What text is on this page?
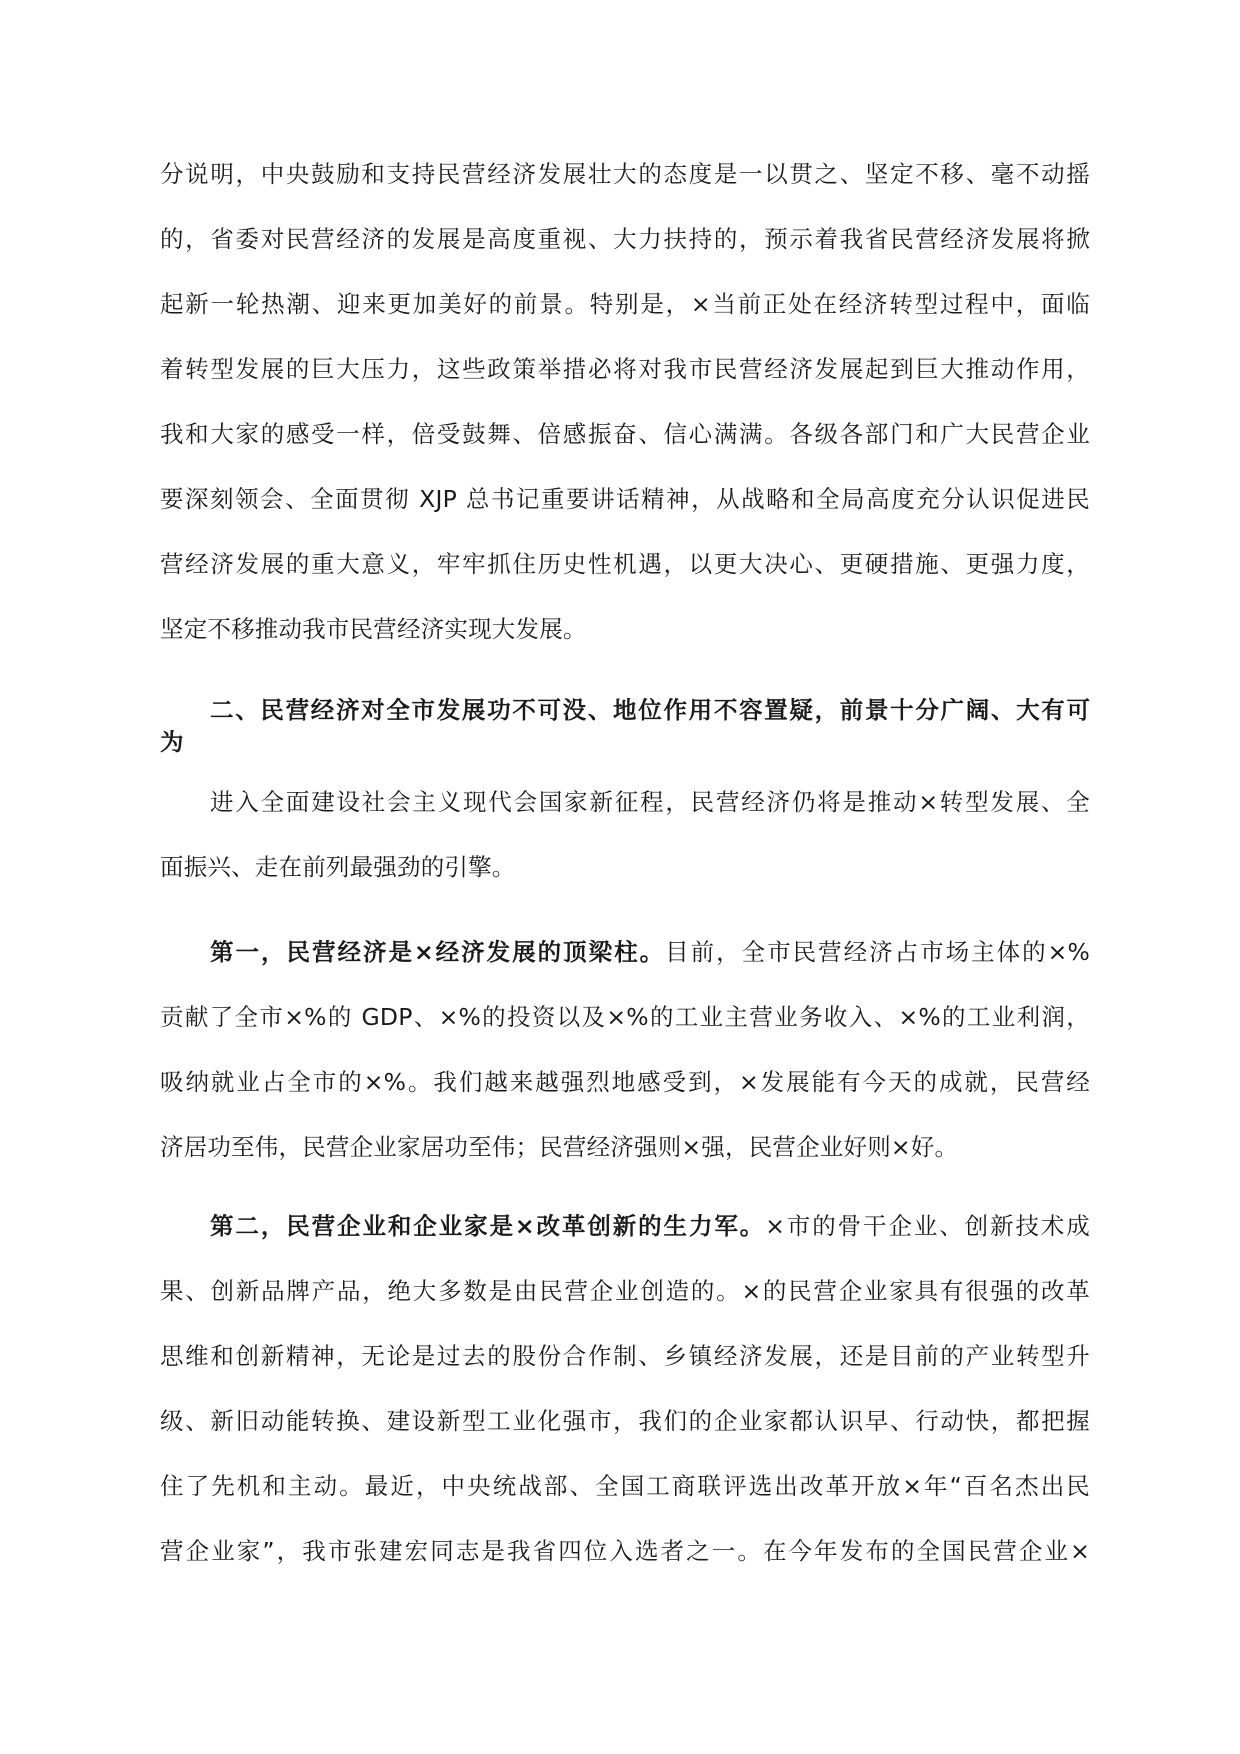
分说明，中央鼓励和支持民营经济发展壮大的态度是一以贯之、坚定不移、毫不动摇
的，省委对民营经济的发展是高度重视、大力扶持的，预示着我省民营经济发展将掀
起新一轮热潮、迎来更加美好的前景。特别是，×当前正处在经济转型过程中，面临
着转型发展的巨大压力，这些政策举措必将对我市民营经济发展起到巨大推动作用，
我和大家的感受一样，倍受鼓舞、倍感振奋、信心满满。各级各部门和广大民营企业
要深刻领会、全面贯彻 XJP 总书记重要讲话精神，从战略和全局高度充分认识促进民
营经济发展的重大意义，牢牢抓住历史性机遇，以更大决心、更硬措施、更强力度，
坚定不移推动我市民营经济实现大发展。
二、民营经济对全市发展功不可没、地位作用不容置疑，前景十分广阔、大有可
为
进入全面建设社会主义现代会国家新征程，民营经济仍将是推动×转型发展、全
面振兴、走在前列最强劲的引擎。
第一，民营经济是×经济发展的顶梁柱。目前，全市民营经济占市场主体的×%
贡献了全市×%的 GDP、×%的投资以及×%的工业主营业务收入、×%的工业利润，
吸纳就业占全市的×%。我们越来越强烈地感受到，×发展能有今天的成就，民营经
济居功至伟，民营企业家居功至伟；民营经济强则×强，民营企业好则×好。
第二，民营企业和企业家是×改革创新的生力军。×市的骨干企业、创新技术成
果、创新品牌产品，绝大多数是由民营企业创造的。×的民营企业家具有很强的改革
思维和创新精神，无论是过去的股份合作制、乡镇经济发展，还是目前的产业转型升
级、新旧动能转换、建设新型工业化强市，我们的企业家都认识早、行动快，都把握
住了先机和主动。最近，中央统战部、全国工商联评选出改革开放×年“百名杰出民
营企业家”，我市张建宏同志是我省四位入选者之一。在今年发布的全国民营企业×
